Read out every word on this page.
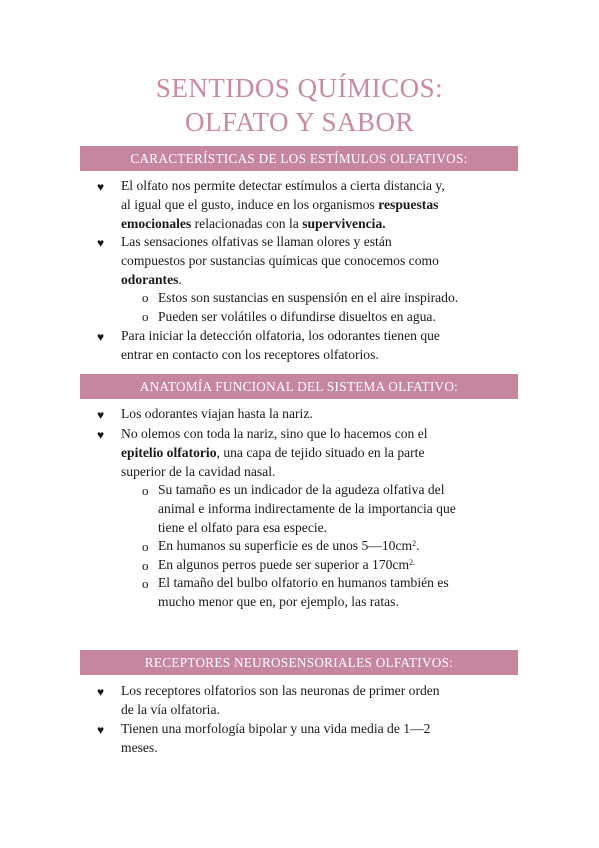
SENTIDOS QUÍMICOS:
OLFATO Y SABOR
CARACTERÍSTICAS DE LOS ESTÍMULOS OLFATIVOS:
♥ El olfato nos permite detectar estímulos a cierta distancia y,
al igual que el gusto, induce en los organismos respuestas
emocionales relacionadas con la supervivencia.
♥ Las sensaciones olfativas se llaman olores y están
compuestos por sustancias químicas que conocemos como
odorantes.
o Estos son sustancias en suspensión en el aire inspirado.
o Pueden ser volátiles o difundirse disueltos en agua.
♥ Para iniciar la detección olfatoria, los odorantes tienen que
entrar en contacto con los receptores olfatorios.
ANATOMÍA FUNCIONAL DEL SISTEMA OLFATIVO:
♥ Los odorantes viajan hasta la nariz.
♥ No olemos con toda la nariz, sino que lo hacemos con el
epitelio olfatorio, una capa de tejido situado en la parte
superior de la cavidad nasal.
o Su tamaño es un indicador de la agudeza olfativa del
animal e informa indirectamente de la importancia que
tiene el olfato para esa especie.
o En humanos su superficie es de unos $5—10cm^2$.
o En algunos perros puede ser superior a $170cm^{2.}$
o El tamaño del bulbo olfatorio en humanos también es
mucho menor que en, por ejemplo, las ratas.
RECEPTORES NEUROSENSORIALES OLFATIVOS:
♥ Los receptores olfatorios son las neuronas de primer orden
de la vía olfatoria.
♥ Tienen una morfología bipolar y una vida media de 1—2
meses.
